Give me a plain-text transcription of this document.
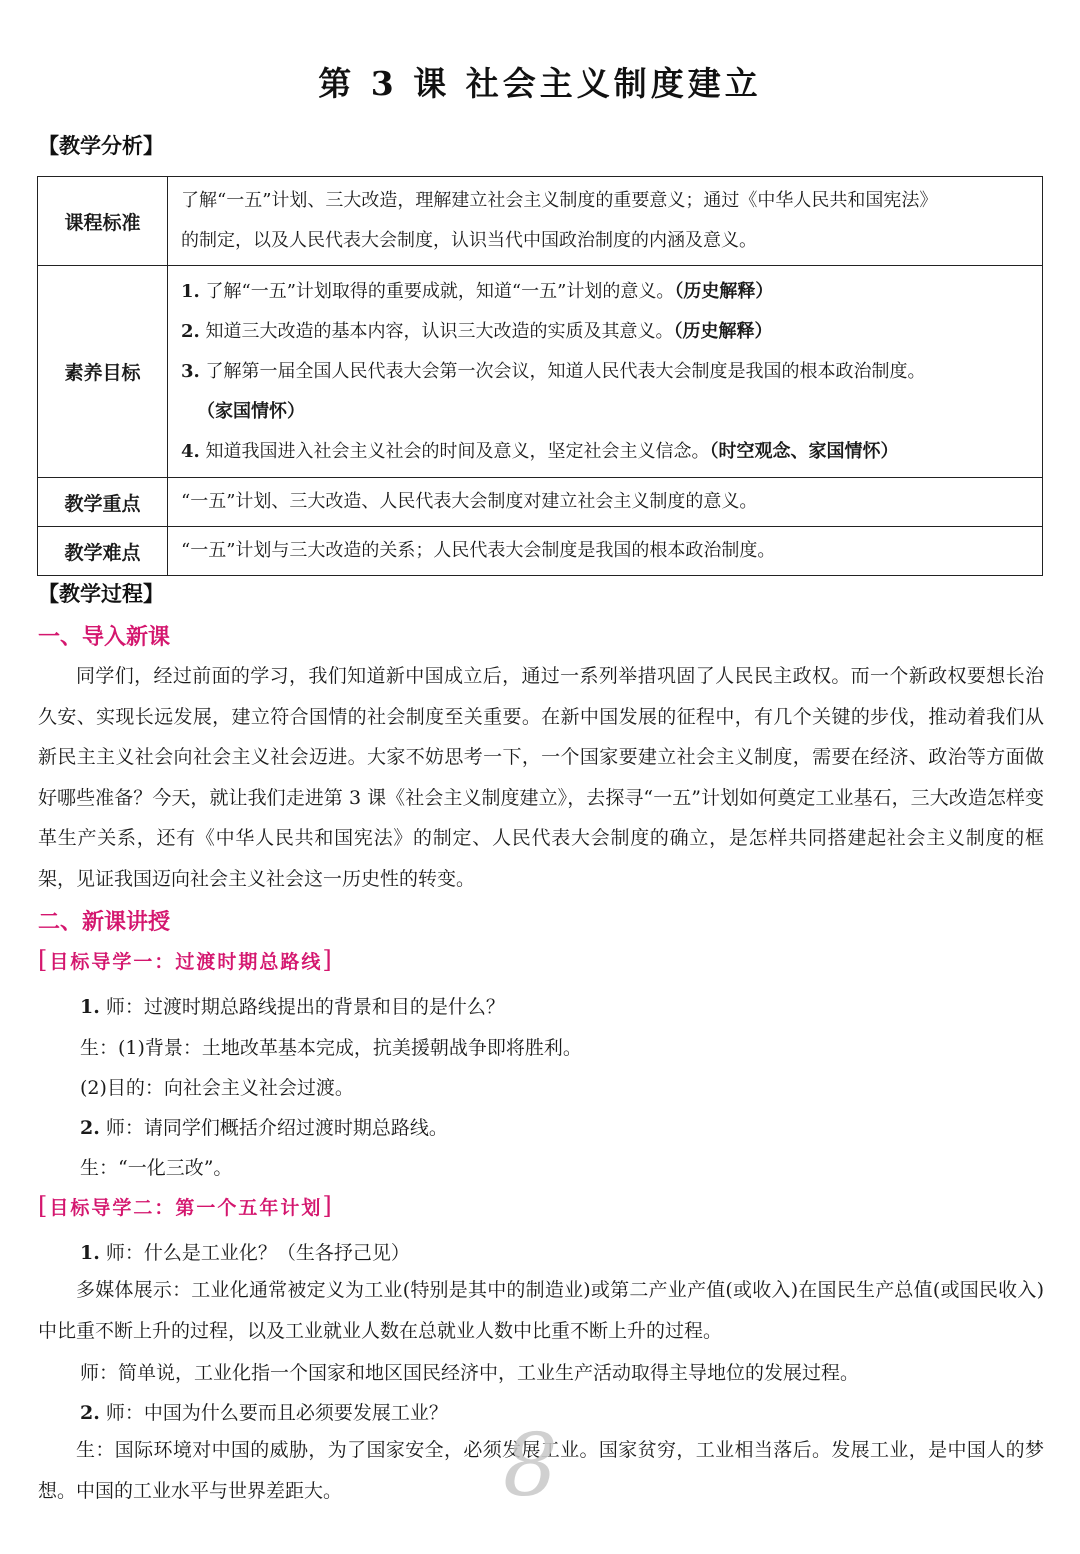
第 3 课 社会主义制度建立
【教学分析】
课程标准	了解“一五”计划、三大改造，理解建立社会主义制度的重要意义；通过《中华人民共和国宪法》
的制定，以及人民代表大会制度，认识当代中国政治制度的内涵及意义。

素养目标	1. 了解“一五”计划取得的重要成就，知道“一五”计划的意义。（历史解释）
2. 知道三大改造的基本内容，认识三大改造的实质及其意义。（历史解释）
3. 了解第一届全国人民代表大会第一次会议，知道人民代表大会制度是我国的根本政治制度。
（家国情怀）
4. 知道我国进入社会主义社会的时间及意义，坚定社会主义信念。（时空观念、家国情怀）

教学重点	“一五”计划、三大改造、人民代表大会制度对建立社会主义制度的意义。
教学难点	“一五”计划与三大改造的关系；人民代表大会制度是我国的根本政治制度。
【教学过程】
一、导入新课
同学们，经过前面的学习，我们知道新中国成立后，通过一系列举措巩固了人民民主政权。而一个新政权要想长治久安、实现长远发展，建立符合国情的社会制度至关重要。在新中国发展的征程中，有几个关键的步伐，推动着我们从新民主主义社会向社会主义社会迈进。大家不妨思考一下，一个国家要建立社会主义制度，需要在经济、政治等方面做好哪些准备？今天，就让我们走进第 3 课《社会主义制度建立》，去探寻“一五”计划如何奠定工业基石，三大改造怎样变革生产关系，还有《中华人民共和国宪法》的制定、人民代表大会制度的确立，是怎样共同搭建起社会主义制度的框架，见证我国迈向社会主义社会这一历史性的转变。
二、新课讲授
[目标导学一：过渡时期总路线]
1. 师：过渡时期总路线提出的背景和目的是什么？
生：(1)背景：土地改革基本完成，抗美援朝战争即将胜利。
(2)目的：向社会主义社会过渡。
2. 师：请同学们概括介绍过渡时期总路线。
生：“一化三改”。
[目标导学二：第一个五年计划]
1. 师：什么是工业化？（生各抒己见）
多媒体展示：工业化通常被定义为工业(特别是其中的制造业)或第二产业产值(或收入)在国民生产总值(或国民收入)中比重不断上升的过程，以及工业就业人数在总就业人数中比重不断上升的过程。
师：简单说，工业化指一个国家和地区国民经济中，工业生产活动取得主导地位的发展过程。
2. 师：中国为什么要而且必须要发展工业？
生：国际环境对中国的威胁，为了国家安全，必须发展工业。国家贫穷，工业相当落后。发展工业，是中国人的梦想。中国的工业水平与世界差距大。	8
